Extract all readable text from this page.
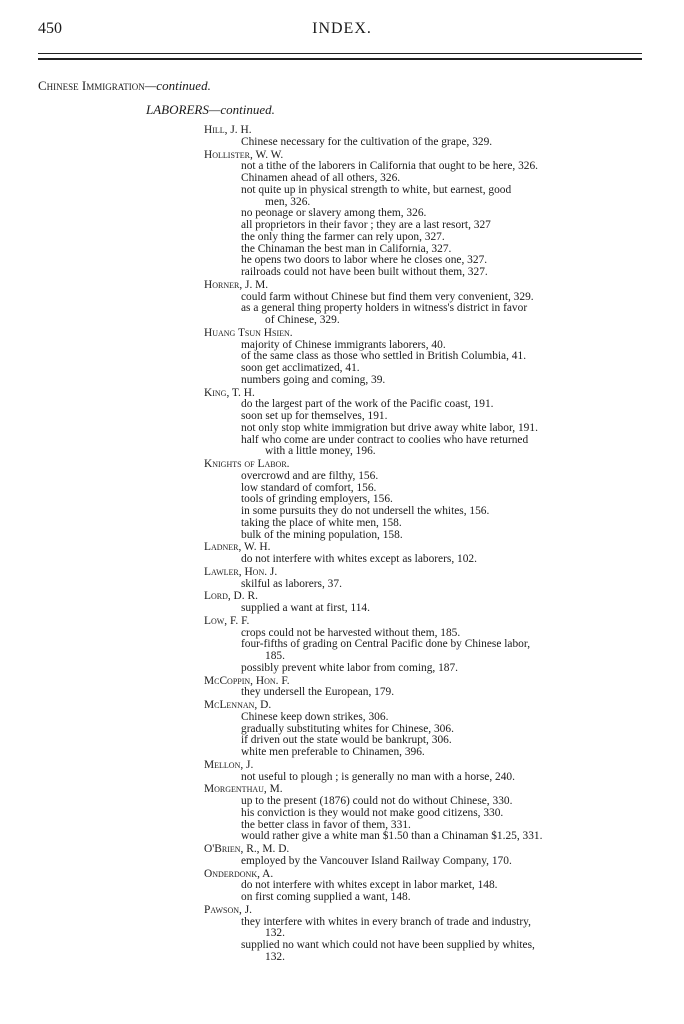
450	INDEX.
Chinese Immigration—continued.
LABORERS—continued.
Hill, J. H.
Chinese necessary for the cultivation of the grape, 329.
Hollister, W. W.
not a tithe of the laborers in California that ought to be here, 326.
Chinamen ahead of all others, 326.
not quite up in physical strength to white, but earnest, good
men, 326.
no peonage or slavery among them, 326.
all proprietors in their favor ; they are a last resort, 327
the only thing the farmer can rely upon, 327.
the Chinaman the best man in California, 327.
he opens two doors to labor where he closes one, 327.
railroads could not have been built without them, 327.
Horner, J. M.
could farm without Chinese but find them very convenient, 329.
as a general thing property holders in witness's district in favor
of Chinese, 329.
Huang Tsun Hsien.
majority of Chinese immigrants laborers, 40.
of the same class as those who settled in British Columbia, 41.
soon get acclimatized, 41.
numbers going and coming, 39.
King, T. H.
do the largest part of the work of the Pacific coast, 191.
soon set up for themselves, 191.
not only stop white immigration but drive away white labor, 191.
half who come are under contract to coolies who have returned
with a little money, 196.
Knights of Labor.
overcrowd and are filthy, 156.
low standard of comfort, 156.
tools of grinding employers, 156.
in some pursuits they do not undersell the whites, 156.
taking the place of white men, 158.
bulk of the mining population, 158.
Ladner, W. H.
do not interfere with whites except as laborers, 102.
Lawler, Hon. J.
skilful as laborers, 37.
Lord, D. R.
supplied a want at first, 114.
Low, F. F.
crops could not be harvested without them, 185.
four-fifths of grading on Central Pacific done by Chinese labor,
185.
possibly prevent white labor from coming, 187.
McCoppin, Hon. F.
they undersell the European, 179.
McLennan, D.
Chinese keep down strikes, 306.
gradually substituting whites for Chinese, 306.
if driven out the state would be bankrupt, 306.
white men preferable to Chinamen, 396.
Mellon, J.
not useful to plough ; is generally no man with a horse, 240.
Morgenthau, M.
up to the present (1876) could not do without Chinese, 330.
his conviction is they would not make good citizens, 330.
the better class in favor of them, 331.
would rather give a white man $1.50 than a Chinaman $1.25, 331.
O'Brien, R., M. D.
employed by the Vancouver Island Railway Company, 170.
Onderdonk, A.
do not interfere with whites except in labor market, 148.
on first coming supplied a want, 148.
Pawson, J.
they interfere with whites in every branch of trade and industry,
132.
supplied no want which could not have been supplied by whites,
132.
